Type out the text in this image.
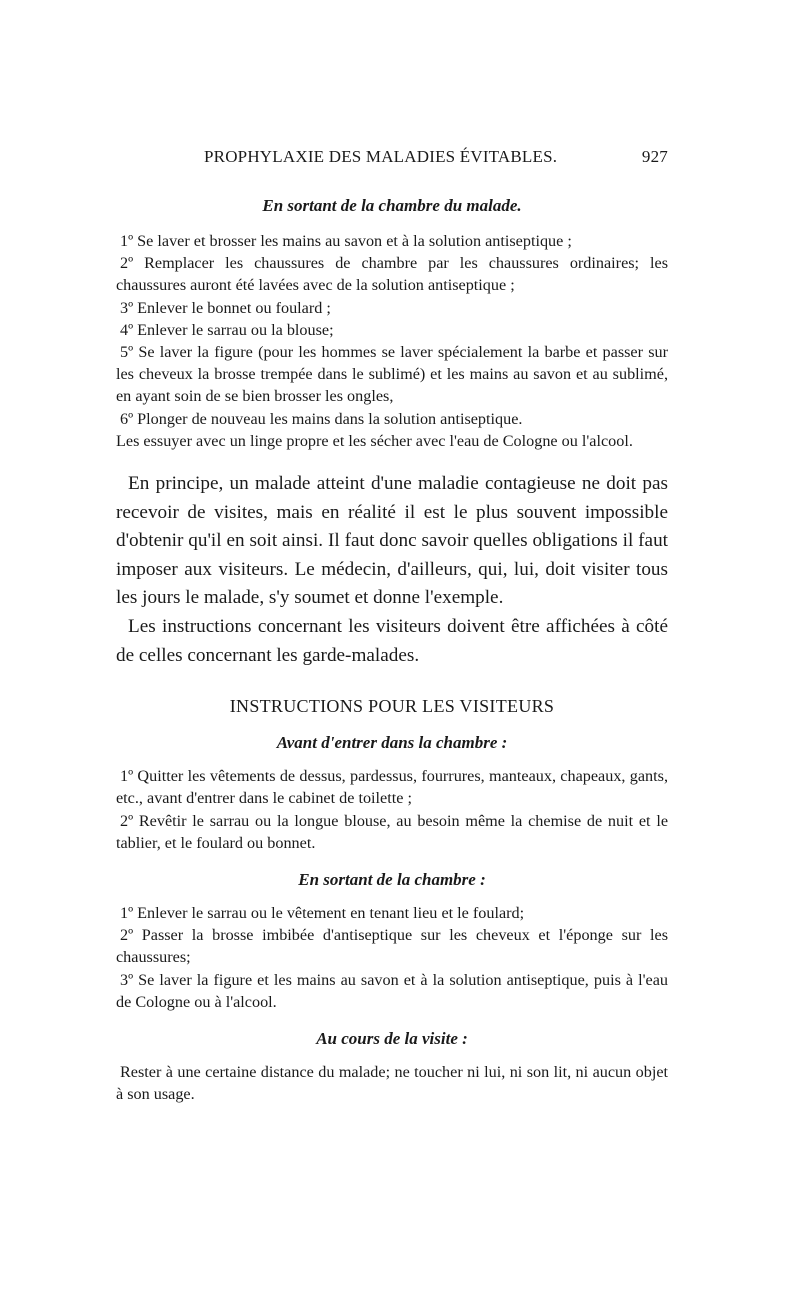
PROPHYLAXIE DES MALADIES ÉVITABLES.	927
En sortant de la chambre du malade.

1º Se laver et brosser les mains au savon et à la solution antiseptique ;

2º Remplacer les chaussures de chambre par les chaussures ordinaires; les chaussures auront été lavées avec de la solution antiseptique ;

3º Enlever le bonnet ou foulard ;

4º Enlever le sarrau ou la blouse;

5º Se laver la figure (pour les hommes se laver spécialement la barbe et passer sur les cheveux la brosse trempée dans le sublimé) et les mains au savon et au sublimé, en ayant soin de se bien brosser les ongles,

6º Plonger de nouveau les mains dans la solution antiseptique.

Les essuyer avec un linge propre et les sécher avec l'eau de Cologne ou l'alcool.

En principe, un malade atteint d'une maladie contagieuse ne doit pas recevoir de visites, mais en réalité il est le plus souvent impossible d'obtenir qu'il en soit ainsi. Il faut donc savoir quelles obligations il faut imposer aux visiteurs. Le médecin, d'ailleurs, qui, lui, doit visiter tous les jours le malade, s'y soumet et donne l'exemple.

Les instructions concernant les visiteurs doivent être affichées à côté de celles concernant les garde-malades.

INSTRUCTIONS POUR LES VISITEURS
Avant d'entrer dans la chambre :

1º Quitter les vêtements de dessus, pardessus, fourrures, manteaux, chapeaux, gants, etc., avant d'entrer dans le cabinet de toilette ;

2º Revêtir le sarrau ou la longue blouse, au besoin même la chemise de nuit et le tablier, et le foulard ou bonnet.

En sortant de la chambre :

1º Enlever le sarrau ou le vêtement en tenant lieu et le foulard;

2º Passer la brosse imbibée d'antiseptique sur les cheveux et l'éponge sur les chaussures;

3º Se laver la figure et les mains au savon et à la solution antiseptique, puis à l'eau de Cologne ou à l'alcool.

Au cours de la visite :

Rester à une certaine distance du malade; ne toucher ni lui, ni son lit, ni aucun objet à son usage.
